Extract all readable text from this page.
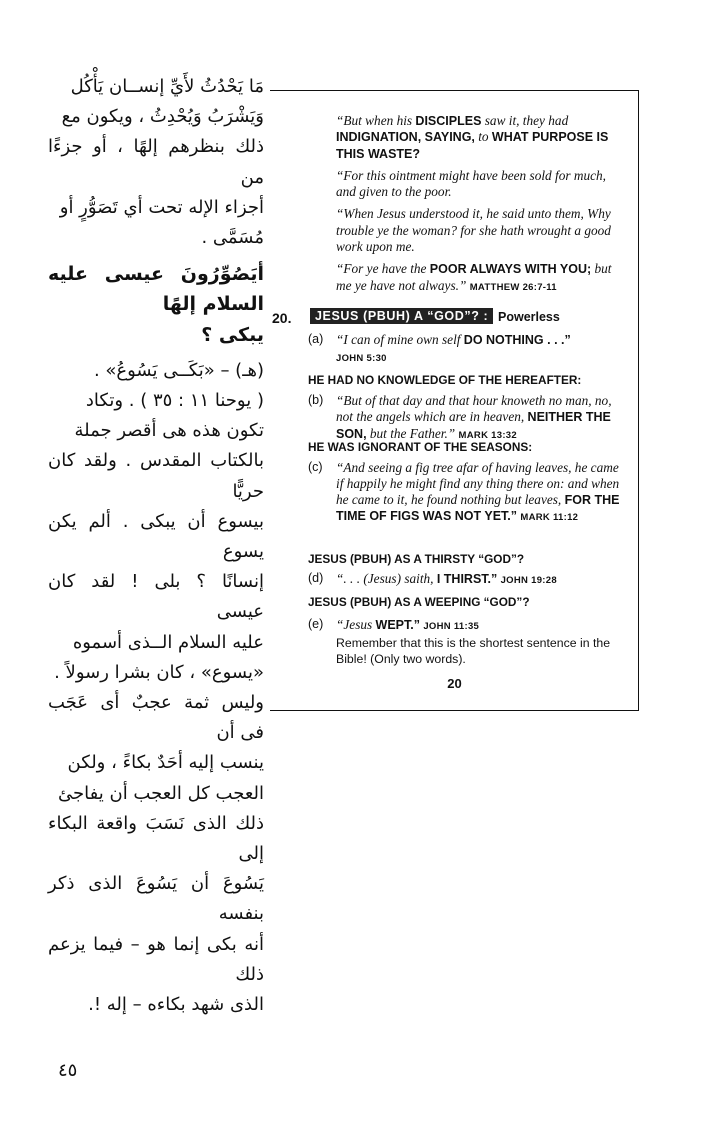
مَا يَحْدُثُ لأَيِّ إنســان يَأْكُل

وَيَشْرَبُ وَيُحْدِثُ ، ويكون مع

ذلك بنظرهم إلهًا ، أو جزءًا من

أجزاء الإله تحت أي تَصَوُّرٍ أو

مُسَمَّى .

أيَصُوِّرُونَ عيسى عليه السلام إلهًا

يبكى ؟

(هـ) – «بَكَــى يَسُوعُ» .

( يوحنا ١١ : ٣٥ ) . وتكاد

تكون هذه هى أقصر جملة

بالكتاب المقدس . ولقد كان حريًّا

بيسوع أن يبكى . ألم يكن يسوع

إنسانًا ؟ بلى ! لقد كان عيسى

عليه السلام الــذى أسموه

«يسوع» ، كان بشرا رسولاً .

وليس ثمة عجبٌ أى عَجَب فى أن

ينسب إليه أحَدٌ بكاءً ، ولكن

العجب كل العجب أن يفاجئ

ذلك الذى نَسَبَ واقعة البكاء إلى

يَسُوعَ أن يَسُوعَ الذى ذكر بنفسه

أنه بكى إنما هو – فيما يزعم ذلك

الذى شهد بكاءه – إله !.

٤٥

“But when his DISCIPLES saw it, they had INDIGNATION, SAYING, to WHAT PURPOSE IS THIS WASTE?

“For this ointment might have been sold for much, and given to the poor.

“When Jesus understood it, he said unto them, Why trouble ye the woman? for she hath wrought a good work upon me.

“For ye have the POOR ALWAYS WITH YOU; but me ye have not always.” MATTHEW 26:7-11

20.	JESUS (PBUH) A “GOD”? : Powerless
(a) “I can of mine own self DO NOTHING . . .”
JOHN 5:30
HE HAD NO KNOWLEDGE OF THE HEREAFTER:
(b) “But of that day and that hour knoweth no man, no, not the angels which are in heaven, NEITHER THE SON, but the Father.” MARK 13:32
HE WAS IGNORANT OF THE SEASONS:
(c) “And seeing a fig tree afar of having leaves, he came if happily he might find any thing there on: and when he came to it, he found nothing but leaves, FOR THE TIME OF FIGS WAS NOT YET.” MARK 11:12
JESUS (PBUH) AS A THIRSTY “GOD”?
(d) “. . . (Jesus) saith, I THIRST.” JOHN 19:28
JESUS (PBUH) AS A WEEPING “GOD”?
(e) “Jesus WEPT.” JOHN 11:35
Remember that this is the shortest sentence in the Bible! (Only two words).
20
